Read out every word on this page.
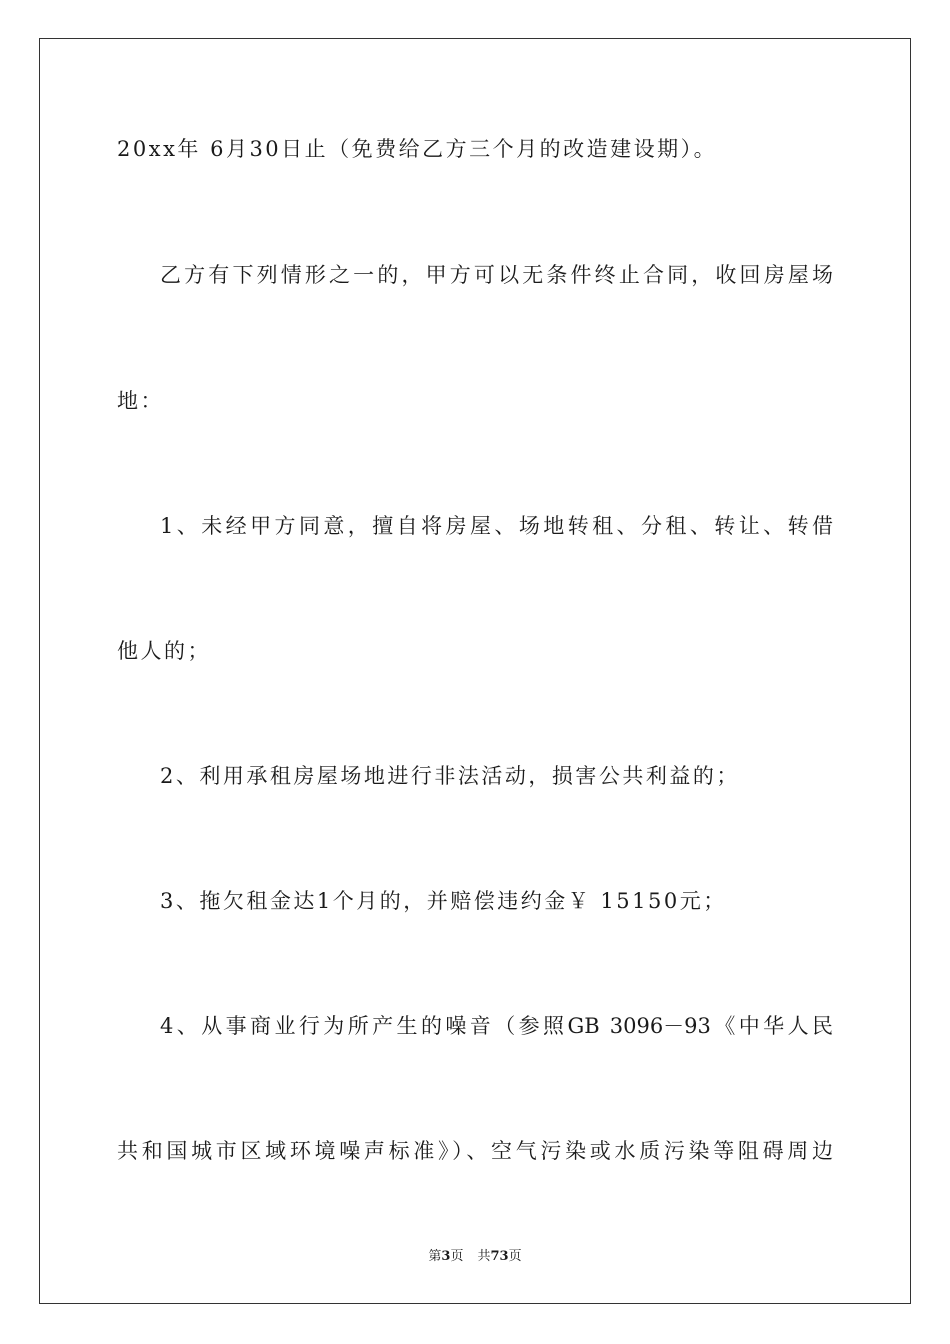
20xx年 6月30日止（免费给乙方三个月的改造建设期）。
乙方有下列情形之一的，甲方可以无条件终止合同，收回房屋场
地：
1、未经甲方同意，擅自将房屋、场地转租、分租、转让、转借
他人的；
2、利用承租房屋场地进行非法活动，损害公共利益的；
3、拖欠租金达1个月的，并赔偿违约金￥ 15150元；
4、从事商业行为所产生的噪音（参照GB 3096－93《中华人民
共和国城市区域环境噪声标准》）、空气污染或水质污染等阻碍周边
第3页 共73页
